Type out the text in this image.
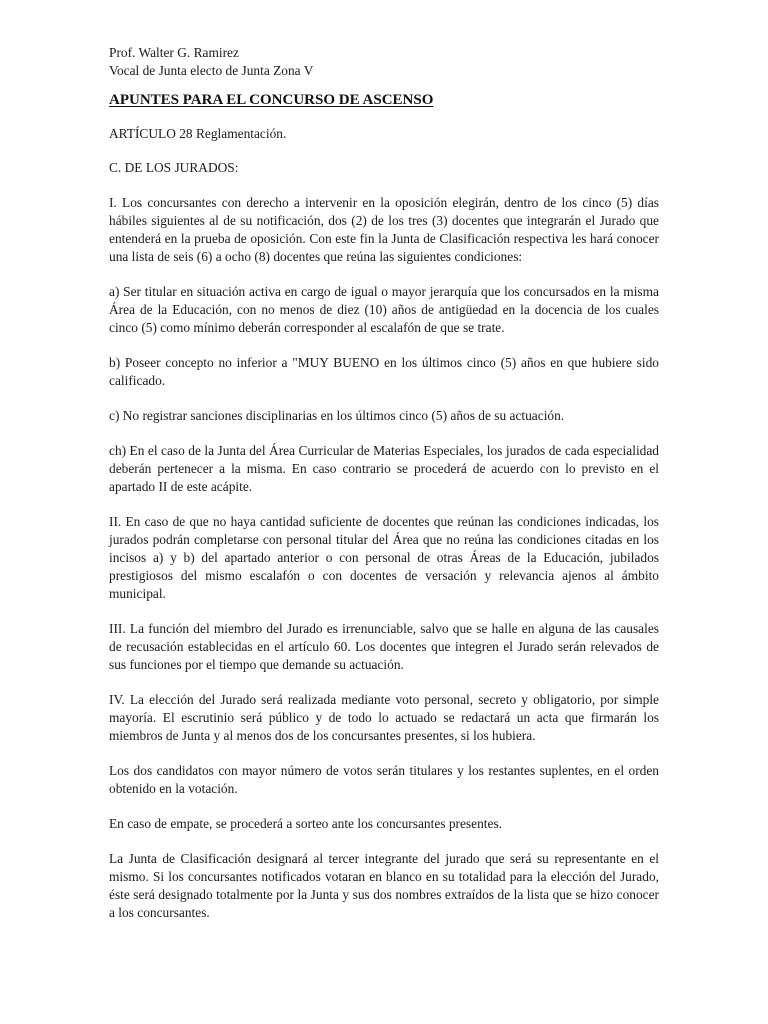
Prof. Walter G. Ramirez

Vocal de Junta electo de Junta Zona V

APUNTES PARA EL CONCURSO DE ASCENSO

ARTÍCULO 28 Reglamentación.

C. DE LOS JURADOS:

I. Los concursantes con derecho a intervenir en la oposición elegirán, dentro de los cinco (5) días hábiles siguientes al de su notificación, dos (2) de los tres (3) docentes que integrarán el Jurado que entenderá en la prueba de oposición. Con este fin la Junta de Clasificación respectiva les hará conocer una lista de seis (6) a ocho (8) docentes que reúna las siguientes condiciones:

a) Ser titular en situación activa en cargo de igual o mayor jerarquía que los concursados en la misma Área de la Educación, con no menos de diez (10) años de antigüedad en la docencia de los cuales cinco (5) como mínimo deberán corresponder al escalafón de que se trate.

b) Poseer concepto no inferior a "MUY BUENO en los últimos cinco (5) años en que hubiere sido calificado.

c) No registrar sanciones disciplinarias en los últimos cinco (5) años de su actuación.

ch) En el caso de la Junta del Área Curricular de Materias Especiales, los jurados de cada especialidad deberán pertenecer a la misma. En caso contrario se procederá de acuerdo con lo previsto en el apartado II de este acápite.

II. En caso de que no haya cantidad suficiente de docentes que reúnan las condiciones indicadas, los jurados podrán completarse con personal titular del Área que no reúna las condiciones citadas en los incisos a) y b) del apartado anterior o con personal de otras Áreas de la Educación, jubilados prestigiosos del mismo escalafón o con docentes de versación y relevancia ajenos al ámbito municipal.

III. La función del miembro del Jurado es irrenunciable, salvo que se halle en alguna de las causales de recusación establecidas en el artículo 60. Los docentes que integren el Jurado serán relevados de sus funciones por el tiempo que demande su actuación.

IV. La elección del Jurado será realizada mediante voto personal, secreto y obligatorio, por simple mayoría. El escrutinio será público y de todo lo actuado se redactará un acta que firmarán los miembros de Junta y al menos dos de los concursantes presentes, si los hubiera.

Los dos candidatos con mayor número de votos serán titulares y los restantes suplentes, en el orden obtenido en la votación.

En caso de empate, se procederá a sorteo ante los concursantes presentes.

La Junta de Clasificación designará al tercer integrante del jurado que será su representante en el mismo. Si los concursantes notificados votaran en blanco en su totalidad para la elección del Jurado, éste será designado totalmente por la Junta y sus dos nombres extraídos de la lista que se hizo conocer a los concursantes.
